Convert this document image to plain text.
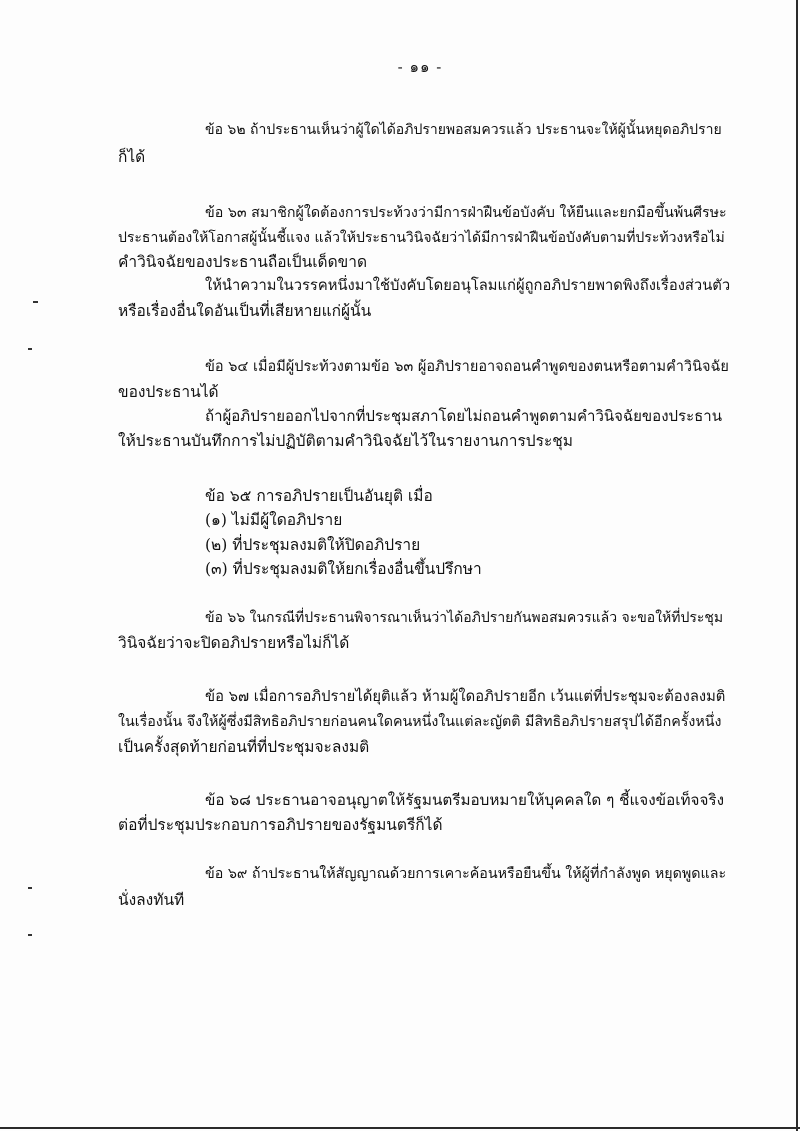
- ๑๑ -
ข้อ ๖๒ ถ้าประธานเห็นว่าผู้ใดได้อภิปรายพอสมควรแล้ว ประธานจะให้ผู้นั้นหยุดอภิปราย
ก็ได้
ข้อ ๖๓ สมาชิกผู้ใดต้องการประท้วงว่ามีการฝ่าฝืนข้อบังคับ ให้ยืนและยกมือขึ้นพ้นศีรษะ
ประธานต้องให้โอกาสผู้นั้นชี้แจง แล้วให้ประธานวินิจฉัยว่าได้มีการฝ่าฝืนข้อบังคับตามที่ประท้วงหรือไม่
คำวินิจฉัยของประธานถือเป็นเด็ดขาด
ให้นำความในวรรคหนึ่งมาใช้บังคับโดยอนุโลมแก่ผู้ถูกอภิปรายพาดพิงถึงเรื่องส่วนตัว
หรือเรื่องอื่นใดอันเป็นที่เสียหายแก่ผู้นั้น
ข้อ ๖๔ เมื่อมีผู้ประท้วงตามข้อ ๖๓ ผู้อภิปรายอาจถอนคำพูดของตนหรือตามคำวินิจฉัย
ของประธานได้
ถ้าผู้อภิปรายออกไปจากที่ประชุมสภาโดยไม่ถอนคำพูดตามคำวินิจฉัยของประธาน
ให้ประธานบันทึกการไม่ปฏิบัติตามคำวินิจฉัยไว้ในรายงานการประชุม
ข้อ ๖๕ การอภิปรายเป็นอันยุติ เมื่อ
(๑) ไม่มีผู้ใดอภิปราย
(๒) ที่ประชุมลงมติให้ปิดอภิปราย
(๓) ที่ประชุมลงมติให้ยกเรื่องอื่นขึ้นปรึกษา
ข้อ ๖๖ ในกรณีที่ประธานพิจารณาเห็นว่าได้อภิปรายกันพอสมควรแล้ว จะขอให้ที่ประชุม
วินิจฉัยว่าจะปิดอภิปรายหรือไม่ก็ได้
ข้อ ๖๗ เมื่อการอภิปรายได้ยุติแล้ว ห้ามผู้ใดอภิปรายอีก เว้นแต่ที่ประชุมจะต้องลงมติ
ในเรื่องนั้น จึงให้ผู้ซึ่งมีสิทธิอภิปรายก่อนคนใดคนหนึ่งในแต่ละญัตติ มีสิทธิอภิปรายสรุปได้อีกครั้งหนึ่ง
เป็นครั้งสุดท้ายก่อนที่ที่ประชุมจะลงมติ
ข้อ ๖๘ ประธานอาจอนุญาตให้รัฐมนตรีมอบหมายให้บุคคลใด ๆ ชี้แจงข้อเท็จจริง
ต่อที่ประชุมประกอบการอภิปรายของรัฐมนตรีก็ได้
ข้อ ๖๙ ถ้าประธานให้สัญญาณด้วยการเคาะค้อนหรือยืนขึ้น ให้ผู้ที่กำลังพูด หยุดพูดและ
นั่งลงทันที
